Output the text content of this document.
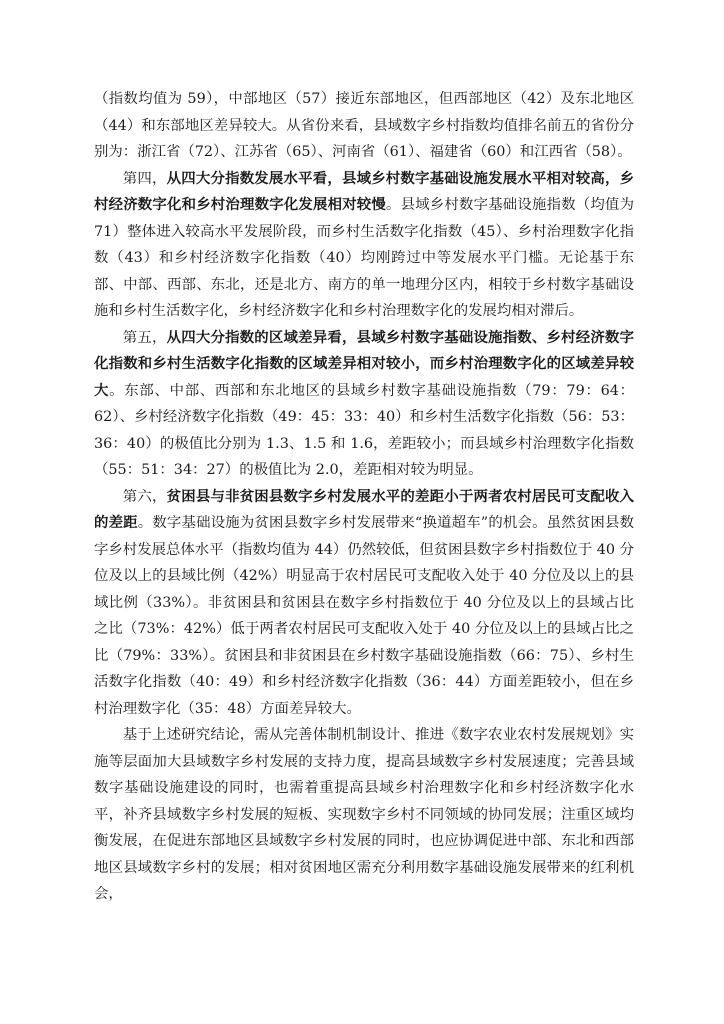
（指数均值为 59），中部地区（57）接近东部地区，但西部地区（42）及东北地区（44）和东部地区差异较大。从省份来看，县域数字乡村指数均值排名前五的省份分别为：浙江省（72）、江苏省（65）、河南省（61）、福建省（60）和江西省（58）。

第四，从四大分指数发展水平看，县域乡村数字基础设施发展水平相对较高，乡村经济数字化和乡村治理数字化发展相对较慢。县域乡村数字基础设施指数（均值为 71）整体进入较高水平发展阶段，而乡村生活数字化指数（45）、乡村治理数字化指数（43）和乡村经济数字化指数（40）均刚跨过中等发展水平门槛。无论基于东部、中部、西部、东北，还是北方、南方的单一地理分区内，相较于乡村数字基础设施和乡村生活数字化，乡村经济数字化和乡村治理数字化的发展均相对滞后。

第五，从四大分指数的区域差异看，县域乡村数字基础设施指数、乡村经济数字化指数和乡村生活数字化指数的区域差异相对较小，而乡村治理数字化的区域差异较大。东部、中部、西部和东北地区的县域乡村数字基础设施指数（79：79：64：62）、乡村经济数字化指数（49：45：33：40）和乡村生活数字化指数（56：53：36：40）的极值比分别为 1.3、1.5 和 1.6，差距较小；而县域乡村治理数字化指数（55：51：34：27）的极值比为 2.0，差距相对较为明显。

第六，贫困县与非贫困县数字乡村发展水平的差距小于两者农村居民可支配收入的差距。数字基础设施为贫困县数字乡村发展带来“换道超车”的机会。虽然贫困县数字乡村发展总体水平（指数均值为 44）仍然较低，但贫困县数字乡村指数位于 40 分位及以上的县域比例（42%）明显高于农村居民可支配收入处于 40 分位及以上的县域比例（33%）。非贫困县和贫困县在数字乡村指数位于 40 分位及以上的县域占比之比（73%：42%）低于两者农村居民可支配收入处于 40 分位及以上的县域占比之比（79%：33%）。贫困县和非贫困县在乡村数字基础设施指数（66：75）、乡村生活数字化指数（40：49）和乡村经济数字化指数（36：44）方面差距较小，但在乡村治理数字化（35：48）方面差异较大。

基于上述研究结论，需从完善体制机制设计、推进《数字农业农村发展规划》实施等层面加大县域数字乡村发展的支持力度，提高县域数字乡村发展速度；完善县域数字基础设施建设的同时，也需着重提高县域乡村治理数字化和乡村经济数字化水平，补齐县域数字乡村发展的短板、实现数字乡村不同领域的协同发展；注重区域均衡发展，在促进东部地区县域数字乡村发展的同时，也应协调促进中部、东北和西部地区县域数字乡村的发展；相对贫困地区需充分利用数字基础设施发展带来的红利机会，
